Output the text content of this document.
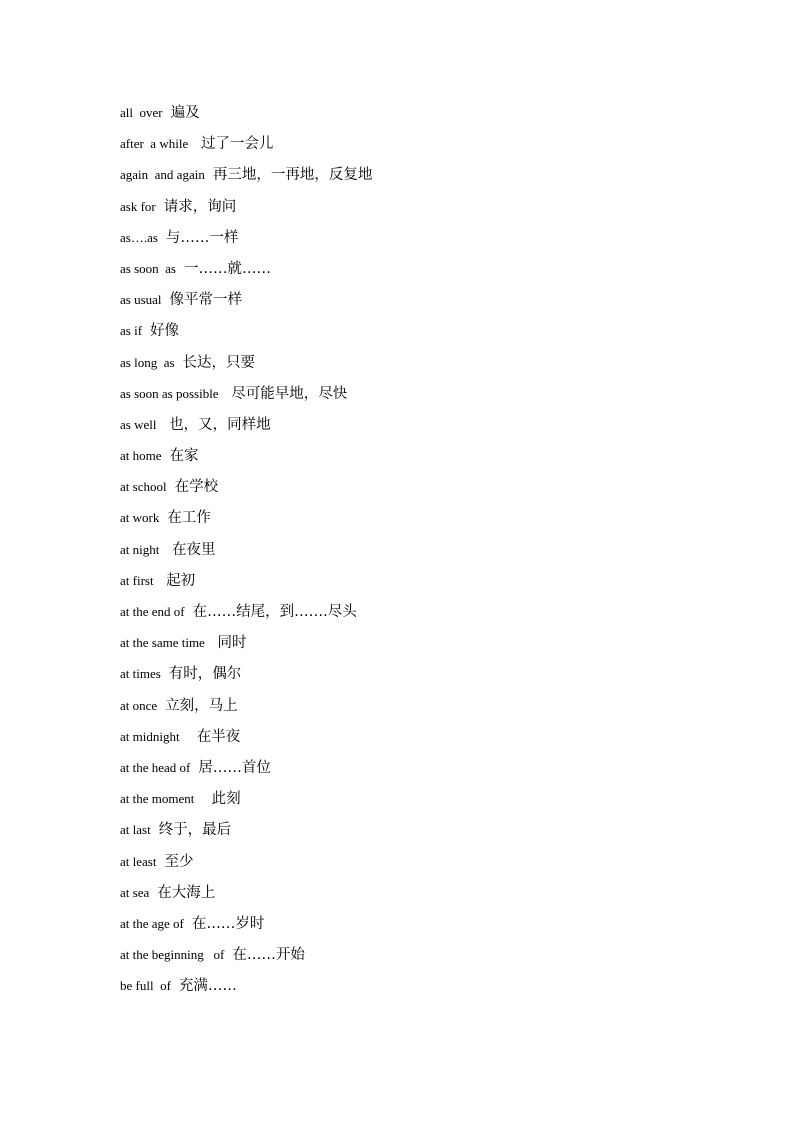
all  over 遍及
after  a while 过了一会儿
again  and again 再三地，一再地，反复地
ask for 请求，询问
as….as 与……一样
as soon  as 一……就……
as usual 像平常一样
as if 好像
as long  as 长达，只要
as soon as possible 尽可能早地，尽快
as well 也，又，同样地
at home 在家
at school 在学校
at work 在工作
at night 在夜里
at first 起初
at the end of 在……结尾，到…….尽头
at the same time 同时
at times 有时，偶尔
at once 立刻，马上
at midnight  在半夜
at the head of 居……首位
at the moment  此刻
at last 终于，最后
at least 至少
at sea 在大海上
at the age of 在……岁时
at the beginning   of 在……开始
be full  of 充满……
